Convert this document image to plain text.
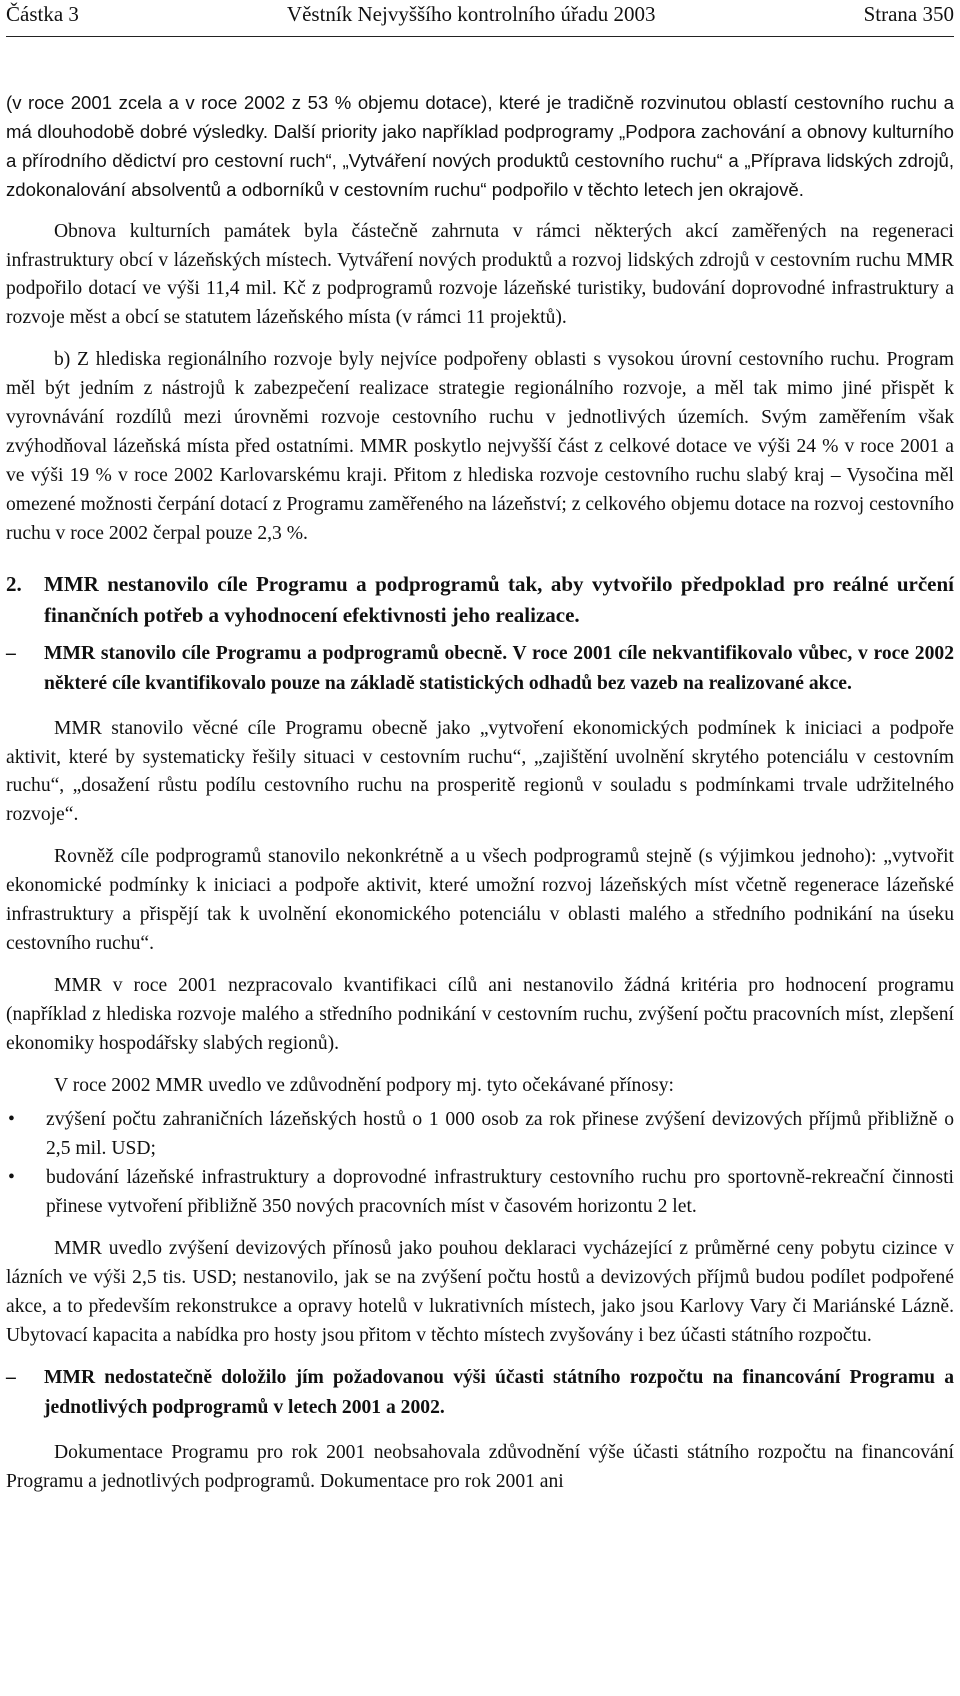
Částka 3	Věstník Nejvyššího kontrolního úřadu 2003	Strana 350

(v roce 2001 zcela a v roce 2002 z 53 % objemu dotace), které je tradičně rozvinutou oblastí cestovního ruchu a má dlouhodobě dobré výsledky. Další priority jako například podprogramy „Podpora zachování a obnovy kulturního a přírodního dědictví pro cestovní ruch“, „Vytváření nových produktů cestovního ruchu“ a „Příprava lidských zdrojů, zdokonalování absolventů a odborníků v cestovním ruchu“ podpořilo v těchto letech jen okrajově.

Obnova kulturních památek byla částečně zahrnuta v rámci některých akcí zaměřených na regeneraci infrastruktury obcí v lázeňských místech. Vytváření nových produktů a rozvoj lidských zdrojů v cestovním ruchu MMR podpořilo dotací ve výši 11,4 mil. Kč z podprogramů rozvoje lázeňské turistiky, budování doprovodné infrastruktury a rozvoje měst a obcí se statutem lázeňského místa (v rámci 11 projektů).

b) Z hlediska regionálního rozvoje byly nejvíce podpořeny oblasti s vysokou úrovní cestovního ruchu. Program měl být jedním z nástrojů k zabezpečení realizace strategie regionálního rozvoje, a měl tak mimo jiné přispět k vyrovnávání rozdílů mezi úrovněmi rozvoje cestovního ruchu v jednotlivých územích. Svým zaměřením však zvýhodňoval lázeňská místa před ostatními. MMR poskytlo nejvyšší část z celkové dotace ve výši 24 % v roce 2001 a ve výši 19 % v roce 2002 Karlovarskému kraji. Přitom z hlediska rozvoje cestovního ruchu slabý kraj – Vysočina měl omezené možnosti čerpání dotací z Programu zaměřeného na lázeňství; z celkového objemu dotace na rozvoj cestovního ruchu v roce 2002 čerpal pouze 2,3 %.

2.	MMR nestanovilo cíle Programu a podprogramů tak, aby vytvořilo předpoklad pro reálné určení finančních potřeb a vyhodnocení efektivnosti jeho realizace.
–	MMR stanovilo cíle Programu a podprogramů obecně. V roce 2001 cíle nekvantifikovalo vůbec, v roce 2002 některé cíle kvantifikovalo pouze na základě statistických odhadů bez vazeb na realizované akce.

MMR stanovilo věcné cíle Programu obecně jako „vytvoření ekonomických podmínek k iniciaci a podpoře aktivit, které by systematicky řešily situaci v cestovním ruchu“, „zajištění uvolnění skrytého potenciálu v cestovním ruchu“, „dosažení růstu podílu cestovního ruchu na prosperitě regionů v souladu s podmínkami trvale udržitelného rozvoje“.

Rovněž cíle podprogramů stanovilo nekonkrétně a u všech podprogramů stejně (s výjimkou jednoho): „vytvořit ekonomické podmínky k iniciaci a podpoře aktivit, které umožní rozvoj lázeňských míst včetně regenerace lázeňské infrastruktury a přispějí tak k uvolnění ekonomického potenciálu v oblasti malého a středního podnikání na úseku cestovního ruchu“.

MMR v roce 2001 nezpracovalo kvantifikaci cílů ani nestanovilo žádná kritéria pro hodnocení programu (například z hlediska rozvoje malého a středního podnikání v cestovním ruchu, zvýšení počtu pracovních míst, zlepšení ekonomiky hospodářsky slabých regionů).

V roce 2002 MMR uvedlo ve zdůvodnění podpory mj. tyto očekávané přínosy:

•	zvýšení počtu zahraničních lázeňských hostů o 1 000 osob za rok přinese zvýšení devizových příjmů přibližně o 2,5 mil. USD;
•	budování lázeňské infrastruktury a doprovodné infrastruktury cestovního ruchu pro sportovně-rekreační činnosti přinese vytvoření přibližně 350 nových pracovních míst v časovém horizontu 2 let.

MMR uvedlo zvýšení devizových přínosů jako pouhou deklaraci vycházející z průměrné ceny pobytu cizince v lázních ve výši 2,5 tis. USD; nestanovilo, jak se na zvýšení počtu hostů a devizových příjmů budou podílet podpořené akce, a to především rekonstrukce a opravy hotelů v lukrativních místech, jako jsou Karlovy Vary či Mariánské Lázně. Ubytovací kapacita a nabídka pro hosty jsou přitom v těchto místech zvyšovány i bez účasti státního rozpočtu.

–	MMR nedostatečně doložilo jím požadovanou výši účasti státního rozpočtu na financování Programu a jednotlivých podprogramů v letech 2001 a 2002.

Dokumentace Programu pro rok 2001 neobsahovala zdůvodnění výše účasti státního rozpočtu na financování Programu a jednotlivých podprogramů. Dokumentace pro rok 2001 ani
